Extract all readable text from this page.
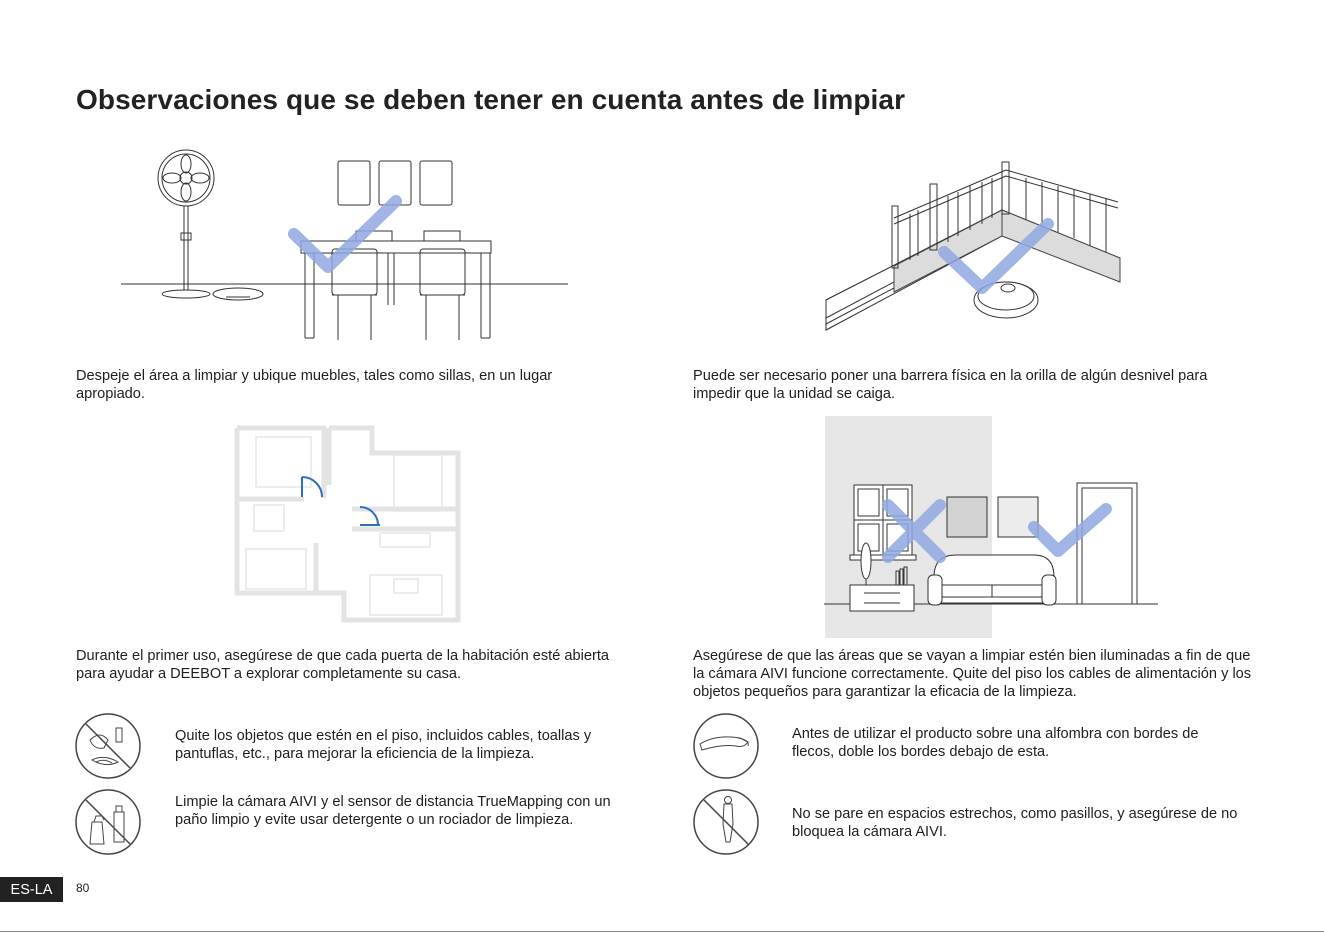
Observaciones que se deben tener en cuenta antes de limpiar

Despeje el área a limpiar y ubique muebles, tales como sillas, en un lugar apropiado.

Puede ser necesario poner una barrera física en la orilla de algún desnivel para impedir que la unidad se caiga.

Durante el primer uso, asegúrese de que cada puerta de la habitación esté abierta para ayudar a DEEBOT a explorar completamente su casa.

Asegúrese de que las áreas que se vayan a limpiar estén bien iluminadas a fin de que la cámara AIVI funcione correctamente. Quite del piso los cables de alimentación y los objetos pequeños para garantizar la eficacia de la limpieza.

Quite los objetos que estén en el piso, incluidos cables, toallas y pantuflas, etc., para mejorar la eficiencia de la limpieza.

Limpie la cámara AIVI y el sensor de distancia TrueMapping con un paño limpio y evite usar detergente o un rociador de limpieza.

Antes de utilizar el producto sobre una alfombra con bordes de flecos, doble los bordes debajo de esta.

No se pare en espacios estrechos, como pasillos, y asegúrese de no bloquea la cámara AIVI.

ES-LA	80
